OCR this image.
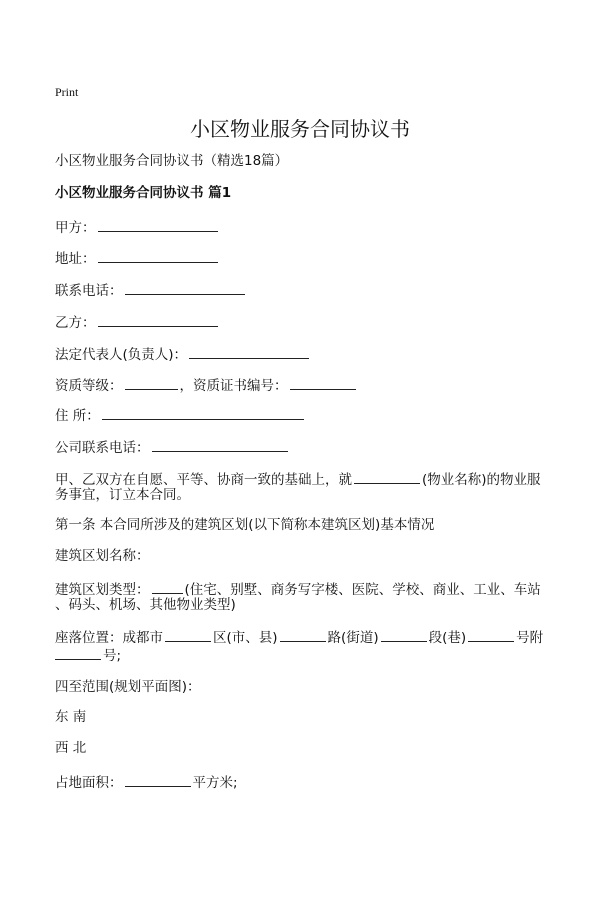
Print
小区物业服务合同协议书
小区物业服务合同协议书（精选18篇）
小区物业服务合同协议书 篇1
甲方：
地址：
联系电话：
乙方：
法定代表人(负责人)：
资质等级：	，资质证书编号：
住 所：
公司联系电话：
甲、乙双方在自愿、平等、协商一致的基础上，就	(物业名称)的物业服
务事宜，订立本合同。
第一条 本合同所涉及的建筑区划(以下简称本建筑区划)基本情况
建筑区划名称：
建筑区划类型：	(住宅、别墅、商务写字楼、医院、学校、商业、工业、车站
、码头、机场、其他物业类型)
座落位置：成都市	区(市、县)	路(街道)	段(巷)	号附
号;
四至范围(规划平面图)：
东 南
西 北
占地面积：	平方米;
